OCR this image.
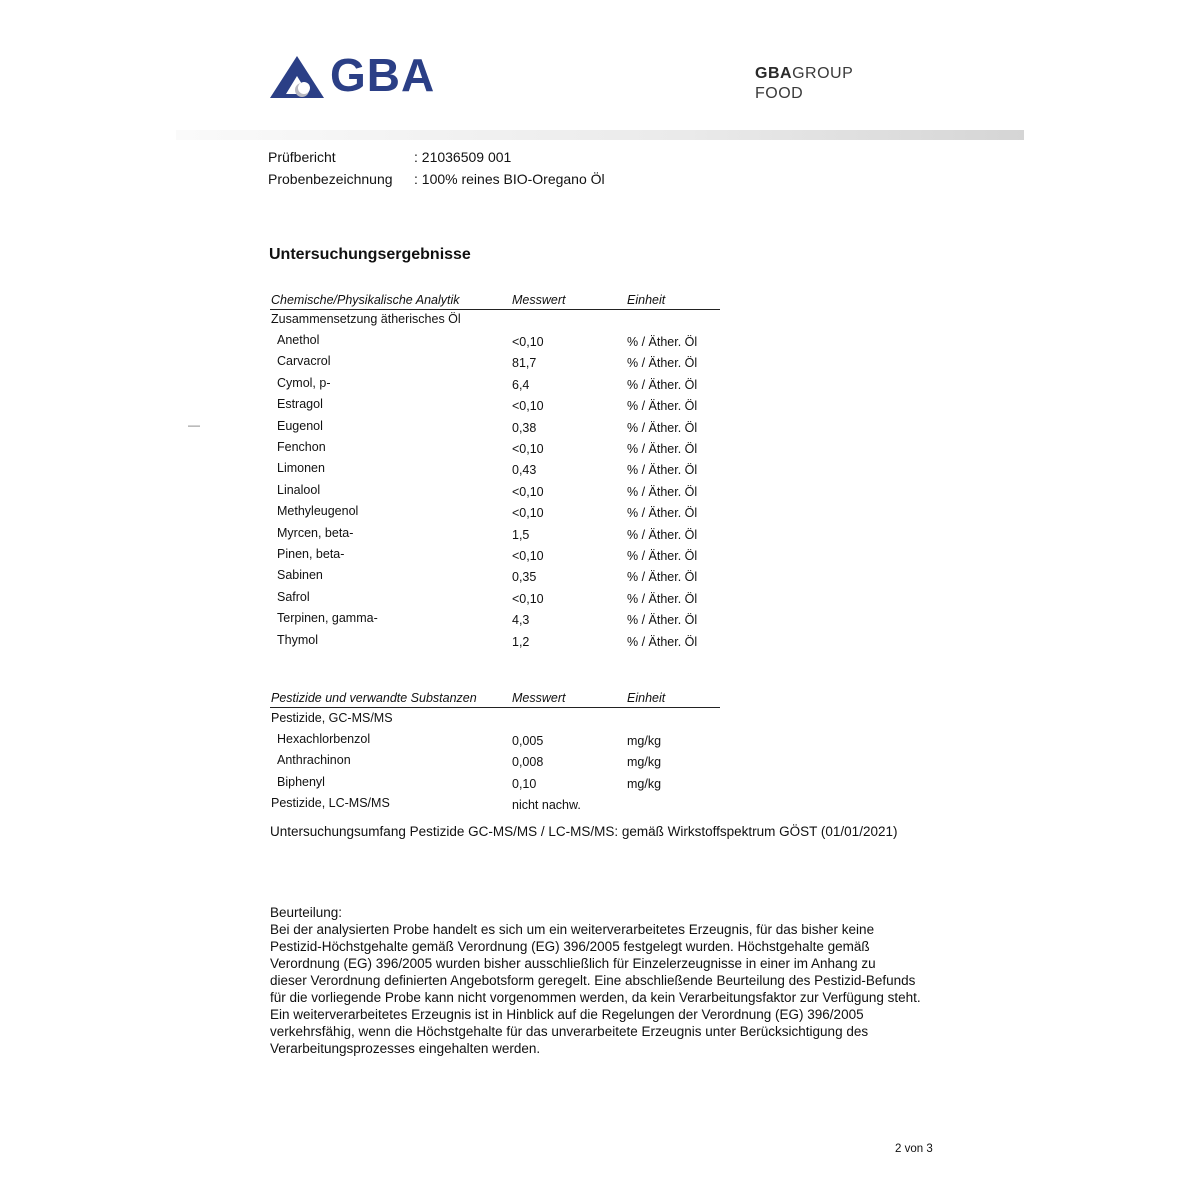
GBA	GBAGROUP
FOOD
Prüfbericht	: 21036509 001
Probenbezeichnung : 100% reines BIO-Oregano Öl
—
Untersuchungsergebnisse
Chemische/Physikalische Analytik	Messwert	Einheit
Zusammensetzung ätherisches Öl
Anethol	<0,10	% / Äther. Öl
Carvacrol	81,7	% / Äther. Öl
Cymol, p-	6,4	% / Äther. Öl
Estragol	<0,10	% / Äther. Öl
Eugenol	0,38	% / Äther. Öl
Fenchon	<0,10	% / Äther. Öl
Limonen	0,43	% / Äther. Öl
Linalool	<0,10	% / Äther. Öl
Methyleugenol	<0,10	% / Äther. Öl
Myrcen, beta-	1,5	% / Äther. Öl
Pinen, beta-	<0,10	% / Äther. Öl
Sabinen	0,35	% / Äther. Öl
Safrol	<0,10	% / Äther. Öl
Terpinen, gamma-	4,3	% / Äther. Öl
Thymol	1,2	% / Äther. Öl
Pestizide und verwandte Substanzen	Messwert	Einheit
Pestizide, GC-MS/MS
Hexachlorbenzol	0,005	mg/kg
Anthrachinon	0,008	mg/kg
Biphenyl	0,10	mg/kg
Pestizide, LC-MS/MS	nicht nachw.
Untersuchungsumfang Pestizide GC-MS/MS / LC-MS/MS: gemäß Wirkstoffspektrum GÖST (01/01/2021)
Beurteilung:
Bei der analysierten Probe handelt es sich um ein weiterverarbeitetes Erzeugnis, für das bisher keine
Pestizid-Höchstgehalte gemäß Verordnung (EG) 396/2005 festgelegt wurden. Höchstgehalte gemäß
Verordnung (EG) 396/2005 wurden bisher ausschließlich für Einzelerzeugnisse in einer im Anhang zu
dieser Verordnung definierten Angebotsform geregelt. Eine abschließende Beurteilung des Pestizid-Befunds
für die vorliegende Probe kann nicht vorgenommen werden, da kein Verarbeitungsfaktor zur Verfügung steht.
Ein weiterverarbeitetes Erzeugnis ist in Hinblick auf die Regelungen der Verordnung (EG) 396/2005
verkehrsfähig, wenn die Höchstgehalte für das unverarbeitete Erzeugnis unter Berücksichtigung des
Verarbeitungsprozesses eingehalten werden.
2 von 3
